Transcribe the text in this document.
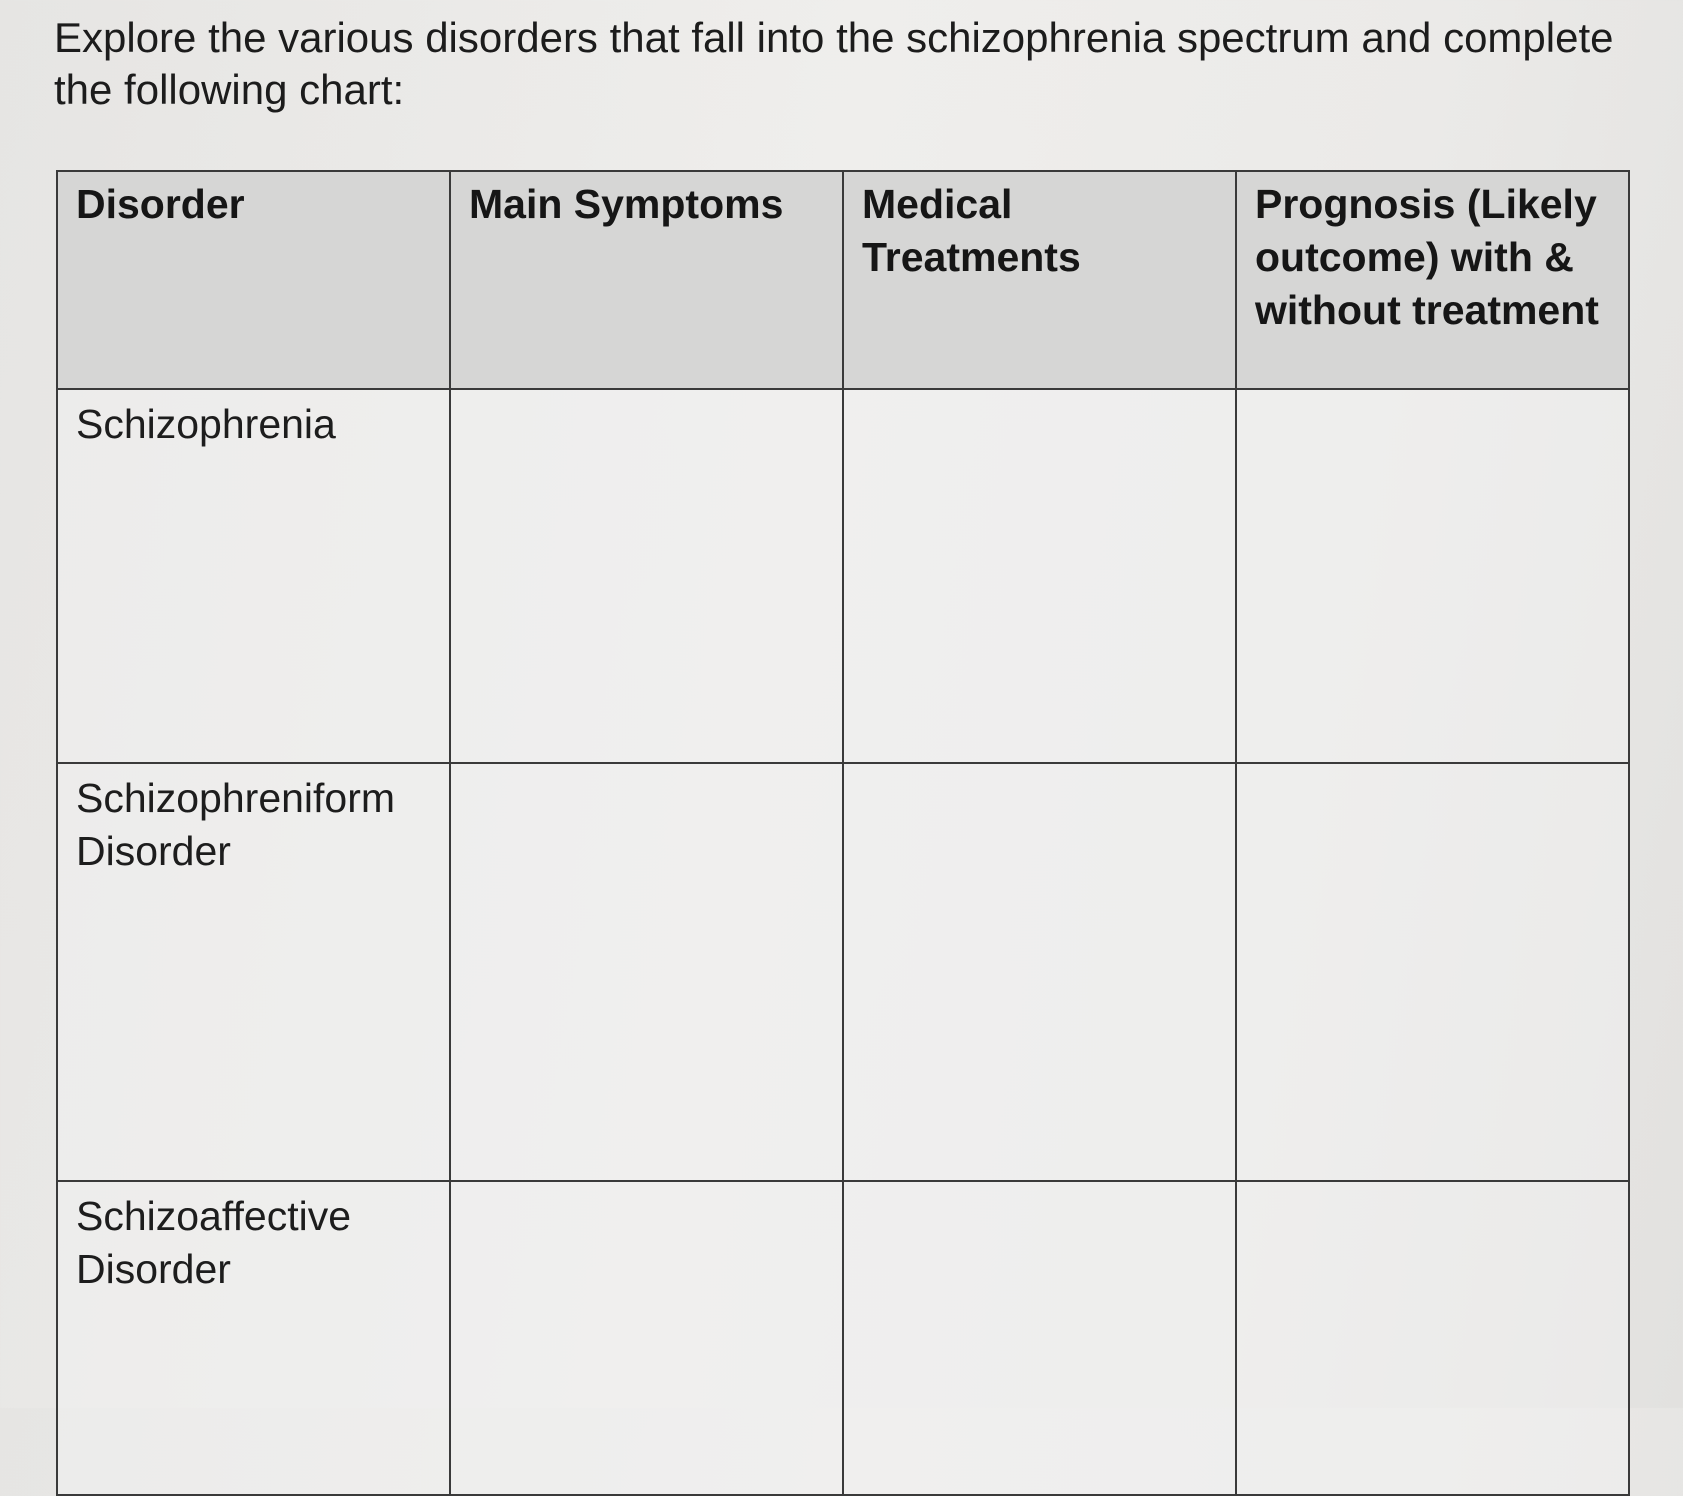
Explore the various disorders that fall into the schizophrenia spectrum and complete the following chart:

Disorder	Main Symptoms	Medical Treatments	Prognosis (Likely outcome) with & without treatment

Schizophrenia			

Schizophreniform Disorder			

Schizoaffective Disorder			
